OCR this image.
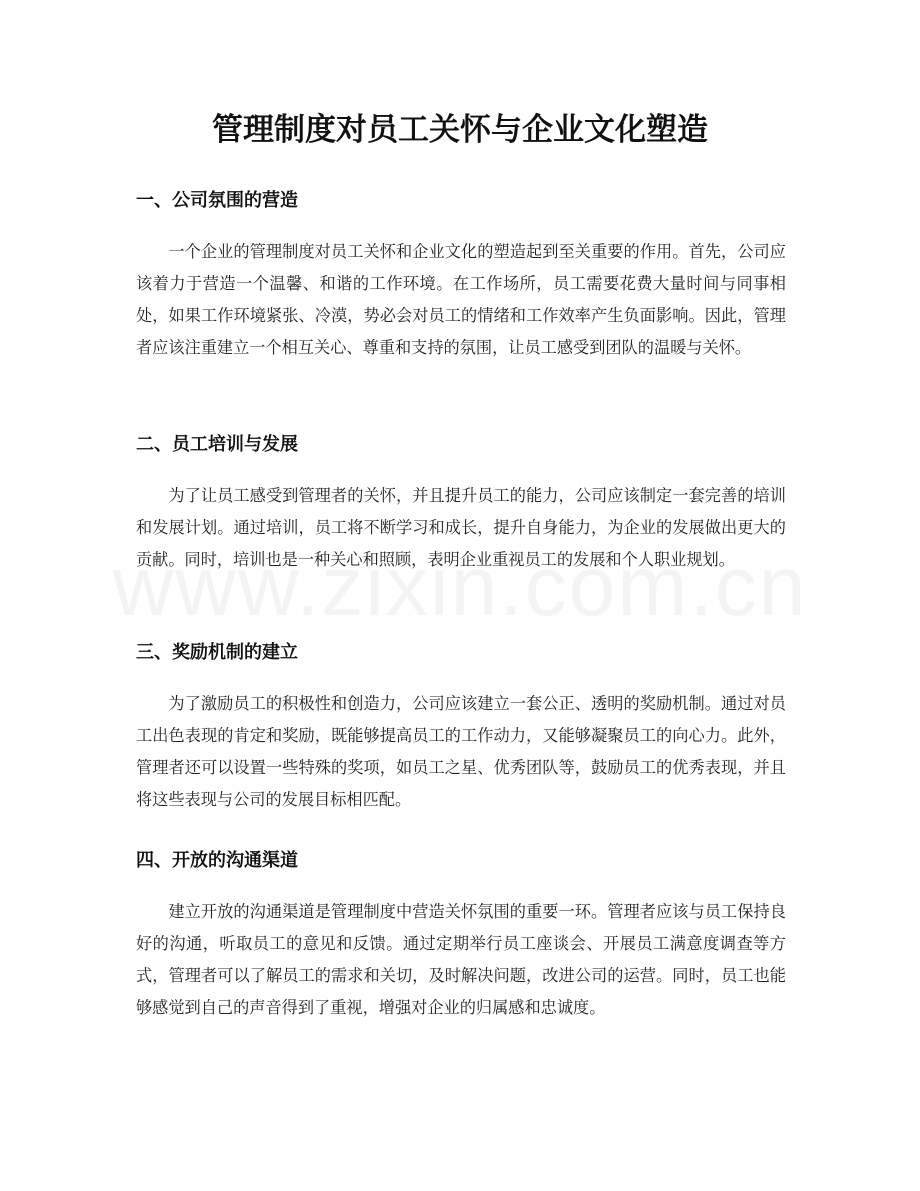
管理制度对员工关怀与企业文化塑造
一、公司氛围的营造

一个企业的管理制度对员工关怀和企业文化的塑造起到至关重要的作用。首先，公司应该着力于营造一个温馨、和谐的工作环境。在工作场所，员工需要花费大量时间与同事相处，如果工作环境紧张、冷漠，势必会对员工的情绪和工作效率产生负面影响。因此，管理者应该注重建立一个相互关心、尊重和支持的氛围，让员工感受到团队的温暖与关怀。

二、员工培训与发展

为了让员工感受到管理者的关怀，并且提升员工的能力，公司应该制定一套完善的培训和发展计划。通过培训，员工将不断学习和成长，提升自身能力，为企业的发展做出更大的贡献。同时，培训也是一种关心和照顾，表明企业重视员工的发展和个人职业规划。

三、奖励机制的建立

为了激励员工的积极性和创造力，公司应该建立一套公正、透明的奖励机制。通过对员工出色表现的肯定和奖励，既能够提高员工的工作动力，又能够凝聚员工的向心力。此外，管理者还可以设置一些特殊的奖项，如员工之星、优秀团队等，鼓励员工的优秀表现，并且将这些表现与公司的发展目标相匹配。

四、开放的沟通渠道

建立开放的沟通渠道是管理制度中营造关怀氛围的重要一环。管理者应该与员工保持良好的沟通，听取员工的意见和反馈。通过定期举行员工座谈会、开展员工满意度调查等方式，管理者可以了解员工的需求和关切，及时解决问题，改进公司的运营。同时，员工也能够感觉到自己的声音得到了重视，增强对企业的归属感和忠诚度。
